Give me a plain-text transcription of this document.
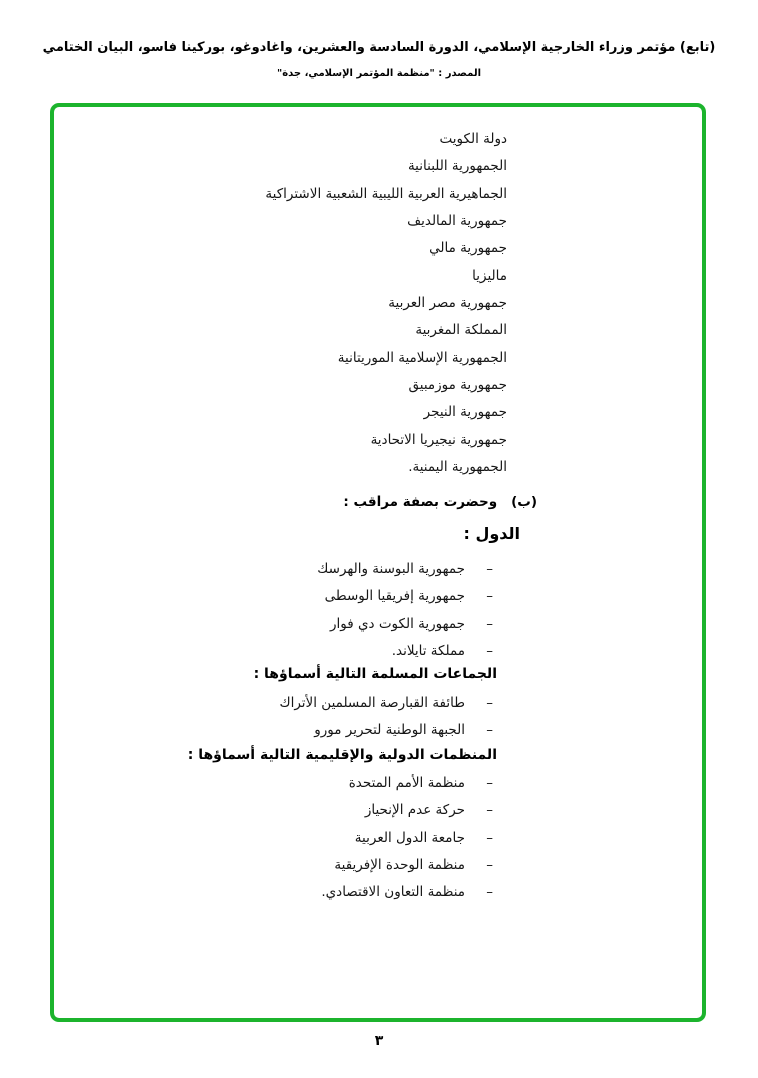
(تابع) مؤتمر وزراء الخارجية الإسلامي، الدورة السادسة والعشرين، واغادوغو، بوركينا فاسو، البيان الختامي
المصدر : "منظمة المؤتمر الإسلامي، جدة"
دولة الكويت
الجمهورية اللبنانية
الجماهيرية العربية الليبية الشعبية الاشتراكية
جمهورية المالديف
جمهورية مالي
ماليزيا
جمهورية مصر العربية
المملكة المغربية
الجمهورية الإسلامية الموريتانية
جمهورية موزمبيق
جمهورية النيجر
جمهورية نيجيريا الاتحادية
الجمهورية اليمنية.
(ب)
وحضرت بصفة مراقب :
الدول :
–
جمهورية البوسنة والهرسك
–
جمهورية إفريقيا الوسطى
–
جمهورية الكوت دي فوار
–
مملكة تايلاند.
الجماعات المسلمة التالية أسماؤها :
–
طائفة القبارصة المسلمين الأتراك
–
الجبهة الوطنية لتحرير مورو
المنظمات الدولية والإقليمية التالية أسماؤها :
–
منظمة الأمم المتحدة
–
حركة عدم الإنحياز
–
جامعة الدول العربية
–
منظمة الوحدة الإفريقية
–
منظمة التعاون الاقتصادي.
٣
